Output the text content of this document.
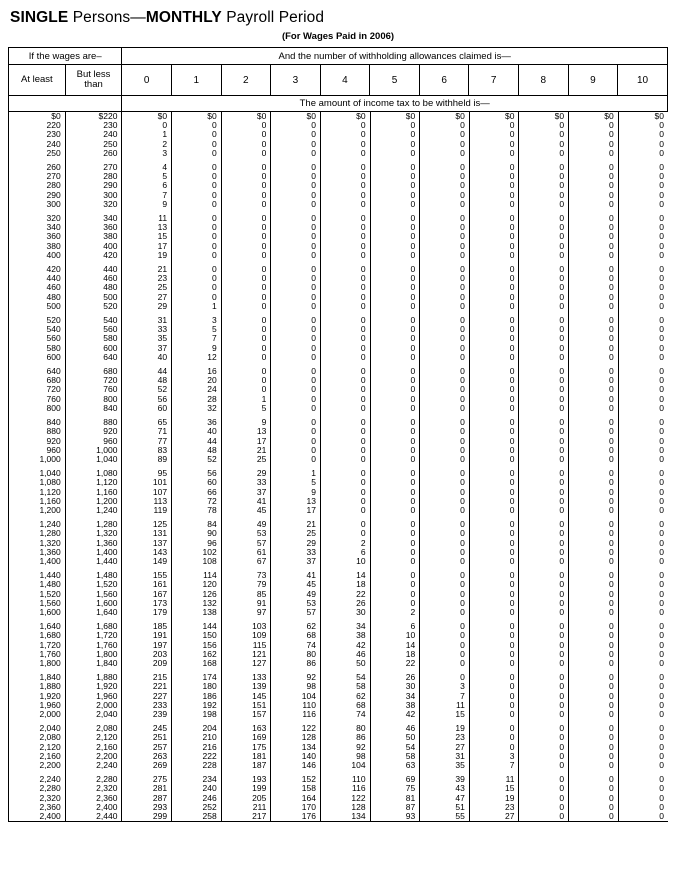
SINGLE Persons—MONTHLY Payroll Period
(For Wages Paid in 2006)
If the wages are–		And the number of withholding allowances claimed is—										
At least	But less
than	0	1	2	3	4	5	6	7	8	9	10

		The amount of income tax to be withheld is—										
$0	$220	$0	$0	$0	$0	$0	$0	$0	$0	$0	$0	$0
220	230	0	0	0	0	0	0	0	0	0	0	0
230	240	1	0	0	0	0	0	0	0	0	0	0
240	250	2	0	0	0	0	0	0	0	0	0	0
250	260	3	0	0	0	0	0	0	0	0	0	0

260	270	4	0	0	0	0	0	0	0	0	0	0
270	280	5	0	0	0	0	0	0	0	0	0	0
280	290	6	0	0	0	0	0	0	0	0	0	0
290	300	7	0	0	0	0	0	0	0	0	0	0
300	320	9	0	0	0	0	0	0	0	0	0	0

320	340	11	0	0	0	0	0	0	0	0	0	0
340	360	13	0	0	0	0	0	0	0	0	0	0
360	380	15	0	0	0	0	0	0	0	0	0	0
380	400	17	0	0	0	0	0	0	0	0	0	0
400	420	19	0	0	0	0	0	0	0	0	0	0

420	440	21	0	0	0	0	0	0	0	0	0	0
440	460	23	0	0	0	0	0	0	0	0	0	0
460	480	25	0	0	0	0	0	0	0	0	0	0
480	500	27	0	0	0	0	0	0	0	0	0	0
500	520	29	1	0	0	0	0	0	0	0	0	0

520	540	31	3	0	0	0	0	0	0	0	0	0
540	560	33	5	0	0	0	0	0	0	0	0	0
560	580	35	7	0	0	0	0	0	0	0	0	0
580	600	37	9	0	0	0	0	0	0	0	0	0
600	640	40	12	0	0	0	0	0	0	0	0	0

640	680	44	16	0	0	0	0	0	0	0	0	0
680	720	48	20	0	0	0	0	0	0	0	0	0
720	760	52	24	0	0	0	0	0	0	0	0	0
760	800	56	28	1	0	0	0	0	0	0	0	0
800	840	60	32	5	0	0	0	0	0	0	0	0

840	880	65	36	9	0	0	0	0	0	0	0	0
880	920	71	40	13	0	0	0	0	0	0	0	0
920	960	77	44	17	0	0	0	0	0	0	0	0
960	1,000	83	48	21	0	0	0	0	0	0	0	0
1,000	1,040	89	52	25	0	0	0	0	0	0	0	0

1,040	1,080	95	56	29	1	0	0	0	0	0	0	0
1,080	1,120	101	60	33	5	0	0	0	0	0	0	0
1,120	1,160	107	66	37	9	0	0	0	0	0	0	0
1,160	1,200	113	72	41	13	0	0	0	0	0	0	0
1,200	1,240	119	78	45	17	0	0	0	0	0	0	0

1,240	1,280	125	84	49	21	0	0	0	0	0	0	0
1,280	1,320	131	90	53	25	0	0	0	0	0	0	0
1,320	1,360	137	96	57	29	2	0	0	0	0	0	0
1,360	1,400	143	102	61	33	6	0	0	0	0	0	0
1,400	1,440	149	108	67	37	10	0	0	0	0	0	0

1,440	1,480	155	114	73	41	14	0	0	0	0	0	0
1,480	1,520	161	120	79	45	18	0	0	0	0	0	0
1,520	1,560	167	126	85	49	22	0	0	0	0	0	0
1,560	1,600	173	132	91	53	26	0	0	0	0	0	0
1,600	1,640	179	138	97	57	30	2	0	0	0	0	0

1,640	1,680	185	144	103	62	34	6	0	0	0	0	0
1,680	1,720	191	150	109	68	38	10	0	0	0	0	0
1,720	1,760	197	156	115	74	42	14	0	0	0	0	0
1,760	1,800	203	162	121	80	46	18	0	0	0	0	0
1,800	1,840	209	168	127	86	50	22	0	0	0	0	0

1,840	1,880	215	174	133	92	54	26	0	0	0	0	0
1,880	1,920	221	180	139	98	58	30	3	0	0	0	0
1,920	1,960	227	186	145	104	62	34	7	0	0	0	0
1,960	2,000	233	192	151	110	68	38	11	0	0	0	0
2,000	2,040	239	198	157	116	74	42	15	0	0	0	0

2,040	2,080	245	204	163	122	80	46	19	0	0	0	0
2,080	2,120	251	210	169	128	86	50	23	0	0	0	0
2,120	2,160	257	216	175	134	92	54	27	0	0	0	0
2,160	2,200	263	222	181	140	98	58	31	3	0	0	0
2,200	2,240	269	228	187	146	104	63	35	7	0	0	0

2,240	2,280	275	234	193	152	110	69	39	11	0	0	0
2,280	2,320	281	240	199	158	116	75	43	15	0	0	0
2,320	2,360	287	246	205	164	122	81	47	19	0	0	0
2,360	2,400	293	252	211	170	128	87	51	23	0	0	0
2,400	2,440	299	258	217	176	134	93	55	27	0	0	0
